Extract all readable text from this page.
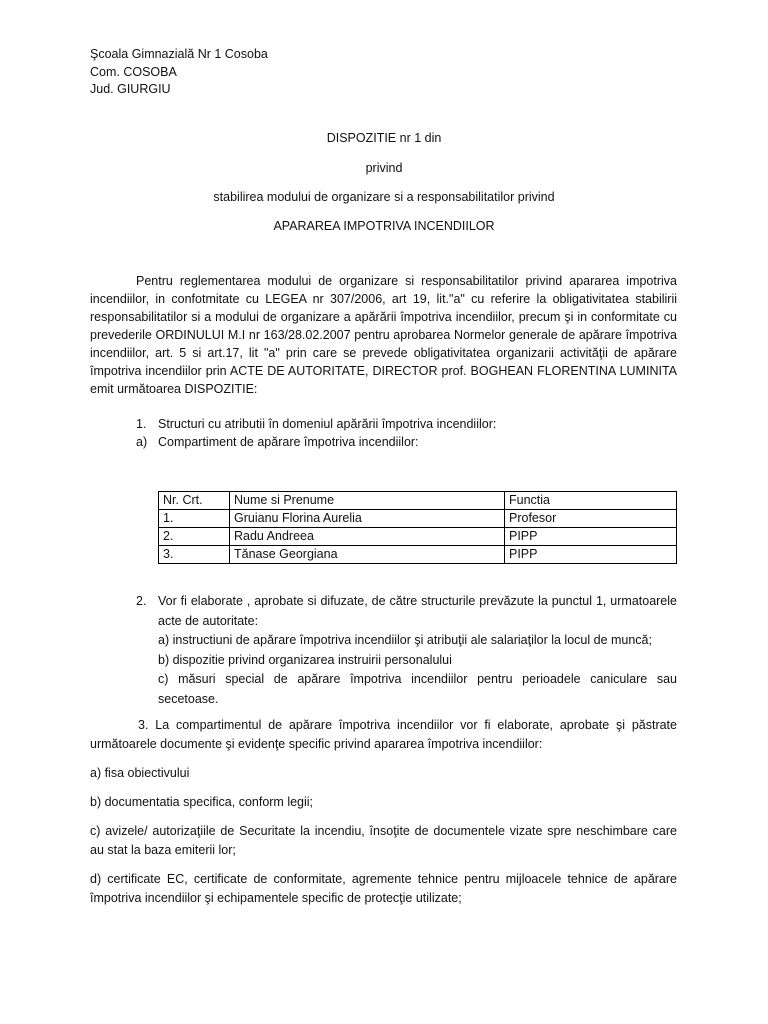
Şcoala Gimnazială Nr 1 Cosoba
Com. COSOBA
Jud. GIURGIU
DISPOZITIE nr 1 din
privind
stabilirea modului de organizare si a responsabilitatilor privind
APARAREA IMPOTRIVA INCENDIILOR
Pentru reglementarea modului de organizare si responsabilitatilor privind apararea impotriva incendiilor, in confotmitate cu LEGEA nr 307/2006, art 19, lit."a" cu referire la obligativitatea stabilirii responsabilitatilor si a modului de organizare a apărării împotriva incendiilor, precum şi in conformitate cu prevederile ORDINULUI M.I nr 163/28.02.2007 pentru aprobarea Normelor generale de apărare împotriva incendiilor, art. 5 si art.17, lit "a" prin care se prevede obligativitatea organizarii activităţii de apărare împotriva incendiilor prin ACTE DE AUTORITATE, DIRECTOR prof. BOGHEAN FLORENTINA LUMINITA emit următoarea DISPOZITIE:
1. Structuri cu atributii în domeniul apărării împotriva incendiilor:
a) Compartiment de apărare împotriva incendiilor:
Nr. Crt.	Nume si Prenume	Functia
1.	Gruianu Florina Aurelia	Profesor
2.	Radu Andreea	PIPP
3.	Tănase Georgiana	PIPP
2. Vor fi elaborate , aprobate si difuzate, de către structurile prevăzute la punctul 1, urmatoarele acte de autoritate:
a) instructiuni de apărare împotriva incendiilor şi atribuţii ale salariaţilor la locul de muncă;
b) dispozitie privind organizarea instruirii personalului
c) măsuri special de apărare împotriva incendiilor pentru perioadele caniculare sau secetoase.
3. La compartimentul de apărare împotriva incendiilor vor fi elaborate, aprobate şi păstrate următoarele documente şi evidenţe specific privind apararea împotriva incendiilor:
a) fisa obiectivului
b) documentatia specifica, conform legii;
c) avizele/ autorizaţiile de Securitate la incendiu, însoţite de documentele vizate spre neschimbare care au stat la baza emiterii lor;
d) certificate EC, certificate de conformitate, agremente tehnice pentru mijloacele tehnice de apărare împotriva incendiilor şi echipamentele specific de protecţie utilizate;
